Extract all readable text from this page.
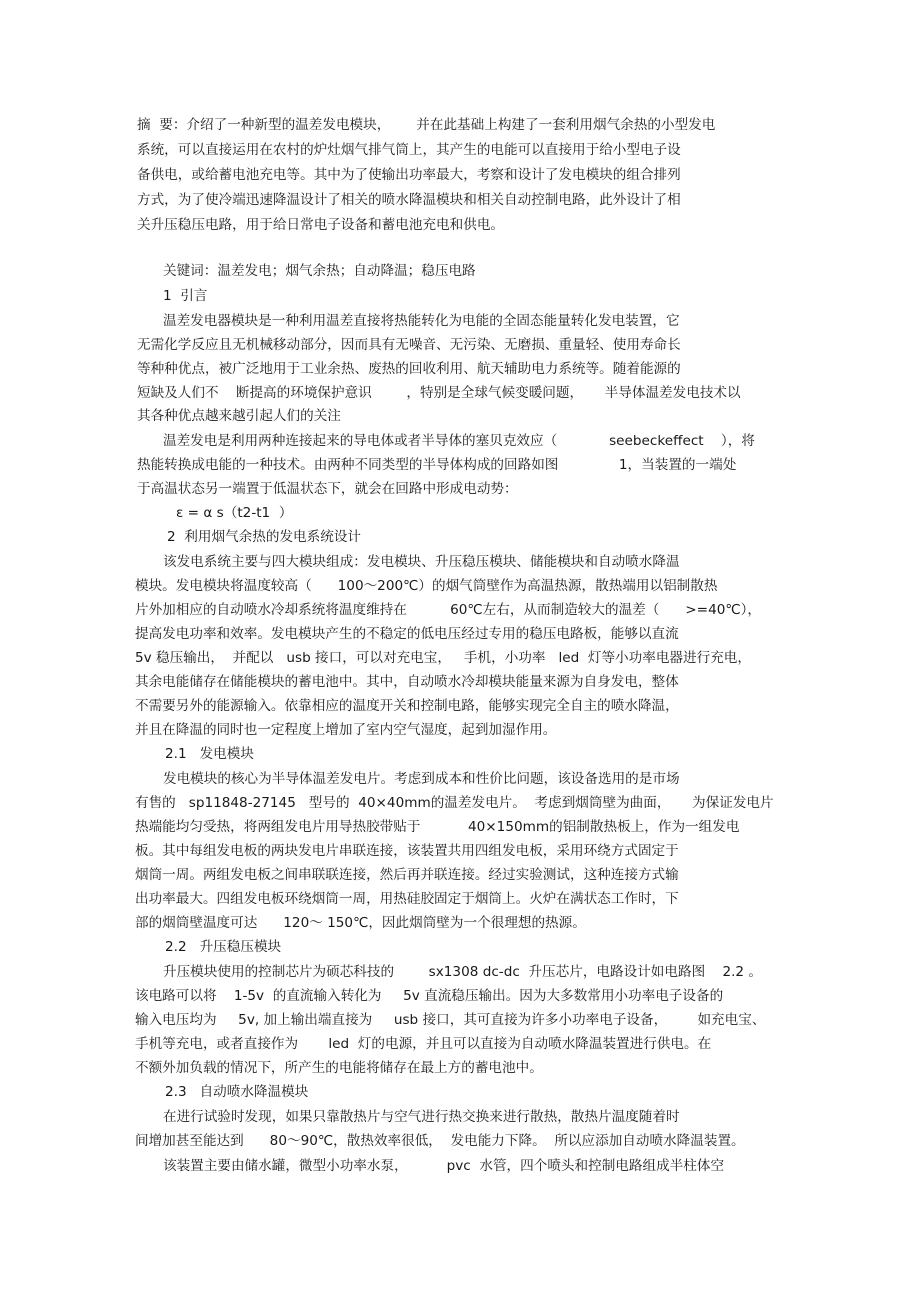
摘  要：介绍了一种新型的温差发电模块，      并在此基础上构建了一套利用烟气余热的小型发电
系统，可以直接运用在农村的炉灶烟气排气筒上，其产生的电能可以直接用于给小型电子设
备供电，或给蓄电池充电等。其中为了使输出功率最大，考察和设计了发电模块的组合排列
方式，为了使冷端迅速降温设计了相关的喷水降温模块和相关自动控制电路，此外设计了相
关升压稳压电路，用于给日常电子设备和蓄电池充电和供电。
关键词：温差发电；烟气余热；自动降温；稳压电路
1  引言
温差发电器模块是一种利用温差直接将热能转化为电能的全固态能量转化发电装置，它
无需化学反应且无机械移动部分，因而具有无噪音、无污染、无磨损、重量轻、使用寿命长
等种种优点，被广泛地用于工业余热、废热的回收利用、航天辅助电力系统等。随着能源的
短缺及人们不    断提高的环境保护意识        ，特别是全球气候变暖问题，     半导体温差发电技术以
其各种优点越来越引起人们的关注
温差发电是利用两种连接起来的导电体或者半导体的塞贝克效应（            seebeckeffect    ），将
热能转换成电能的一种技术。由两种不同类型的半导体构成的回路如图              1，当装置的一端处
于高温状态另一端置于低温状态下，就会在回路中形成电动势：
ε = α s（t2-t1  ）
2  利用烟气余热的发电系统设计
该发电系统主要与四大模块组成：发电模块、升压稳压模块、储能模块和自动喷水降温
模块。发电模块将温度较高（      100～200℃）的烟气筒壁作为高温热源，散热端用以铝制散热
片外加相应的自动喷水冷却系统将温度维持在          60℃左右，从而制造较大的温差（      >=40℃），
提高发电功率和效率。发电模块产生的不稳定的低电压经过专用的稳压电路板，能够以直流
5v 稳压输出，  并配以   usb 接口，可以对充电宝，   手机，小功率   led  灯等小功率电器进行充电，
其余电能储存在储能模块的蓄电池中。其中，自动喷水冷却模块能量来源为自身发电，整体
不需要另外的能源输入。依靠相应的温度开关和控制电路，能够实现完全自主的喷水降温，
并且在降温的同时也一定程度上增加了室内空气湿度，起到加湿作用。
2.1   发电模块
发电模块的核心为半导体温差发电片。考虑到成本和性价比问题，该设备选用的是市场
有售的   sp11848-27145   型号的  40×40mm的温差发电片。  考虑到烟筒壁为曲面，     为保证发电片
热端能均匀受热，将两组发电片用导热胶带贴于           40×150mm的铝制散热板上，作为一组发电
板。其中每组发电板的两块发电片串联连接，该装置共用四组发电板，采用环绕方式固定于
烟筒一周。两组发电板之间串联联连接，然后再并联连接。经过实验测试，这种连接方式输
出功率最大。四组发电板环绕烟筒一周，用热硅胶固定于烟筒上。火炉在满状态工作时，下
部的烟筒壁温度可达      120～ 150℃，因此烟筒壁为一个很理想的热源。
2.2   升压稳压模块
升压模块使用的控制芯片为硕芯科技的        sx1308 dc-dc  升压芯片，电路设计如电路图    2.2 。
该电路可以将    1-5v  的直流输入转化为     5v 直流稳压输出。因为大多数常用小功率电子设备的
输入电压均为     5v, 加上输出端直接为     usb 接口，其可直接为许多小功率电子设备，       如充电宝、
手机等充电，或者直接作为       led  灯的电源，并且可以直接为自动喷水降温装置进行供电。在
不额外加负载的情况下，所产生的电能将储存在最上方的蓄电池中。
2.3   自动喷水降温模块
在进行试验时发现，如果只靠散热片与空气进行热交换来进行散热，散热片温度随着时
间增加甚至能达到      80～90℃，散热效率很低，  发电能力下降。  所以应添加自动喷水降温装置。
该装置主要由储水罐，微型小功率水泵，         pvc  水管，四个喷头和控制电路组成半柱体空
